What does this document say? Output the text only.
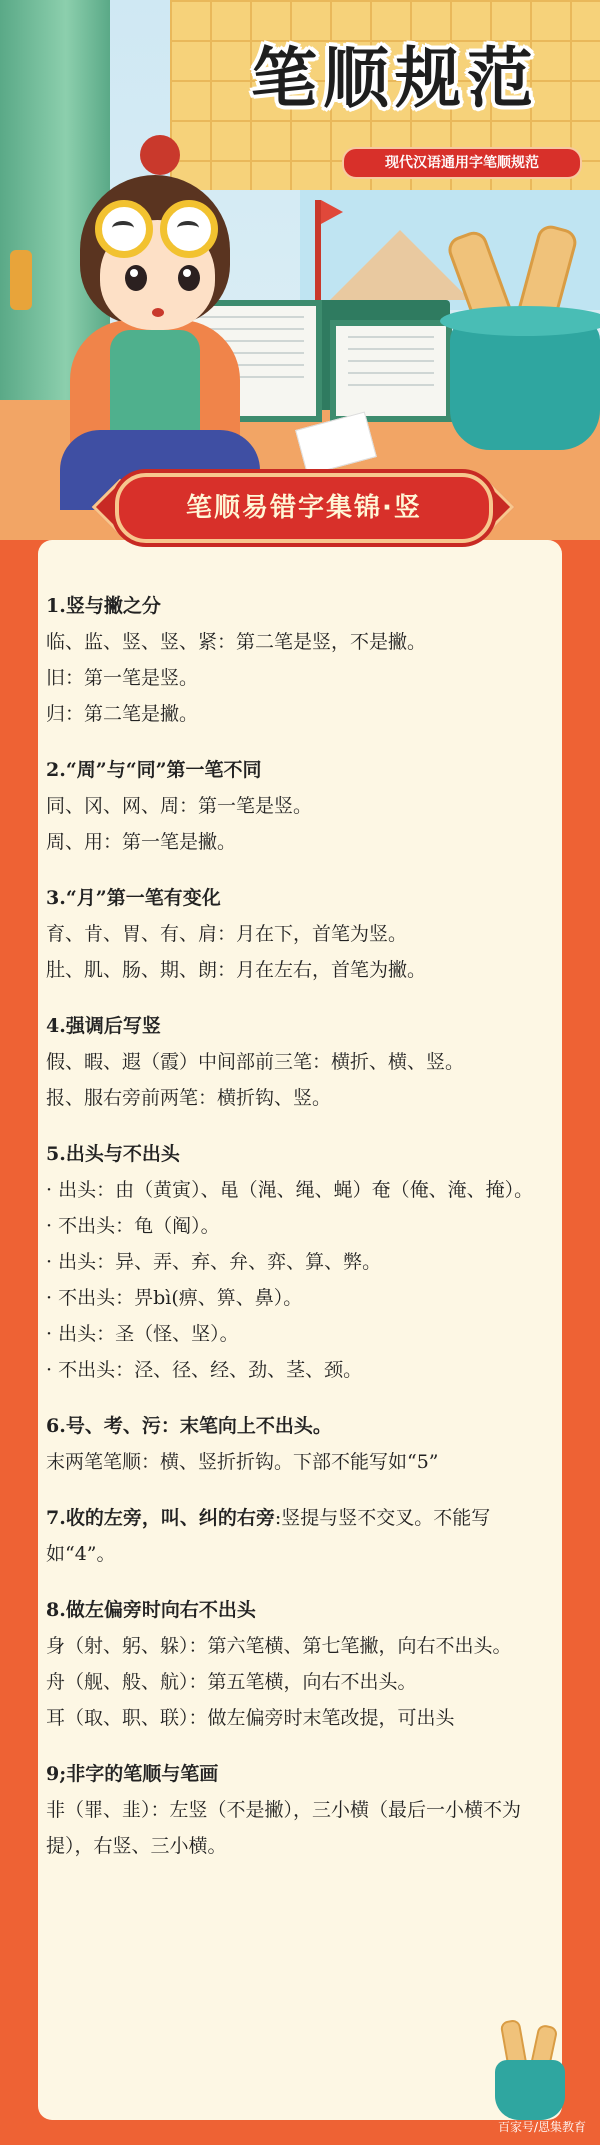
笔顺规范
现代汉语通用字笔顺规范
笔顺易错字集锦·竖
1.竖与撇之分

临、监、竖、竖、紧：第二笔是竖，不是撇。

旧：第一笔是竖。

归：第二笔是撇。

2.“周”与“同”第一笔不同

同、冈、网、周：第一笔是竖。

周、用：第一笔是撇。

3.“月”第一笔有变化

育、肯、胃、有、肩：月在下，首笔为竖。

肚、肌、肠、期、朗：月在左右，首笔为撇。

4.强调后写竖

假、暇、遐（霞）中间部前三笔：横折、横、竖。

报、服右旁前两笔：横折钩、竖。

5.出头与不出头

· 出头：由（黄寅）、黾（渑、绳、蝇）奄（俺、淹、掩）。

· 不出头：龟（阄）。

· 出头：异、弄、弃、弁、弈、算、弊。

· 不出头：畀bì(痹、箅、鼻）。

· 出头：圣（怪、坚）。

· 不出头：泾、径、经、劲、茎、颈。

6.号、考、污：末笔向上不出头。

末两笔笔顺：横、竖折折钩。下部不能写如“5”

7.收的左旁，叫、纠的右旁:竖提与竖不交叉。不能写如“4”。
8.做左偏旁时向右不出头

身（射、躬、躲）：第六笔横、第七笔撇，向右不出头。

舟（舰、般、航）：第五笔横，向右不出头。

耳（取、职、联）：做左偏旁时末笔改提，可出头

9;非字的笔顺与笔画

非（罪、韭）：左竖（不是撇），三小横（最后一小横不为提），右竖、三小横。

百家号/恩集教育
